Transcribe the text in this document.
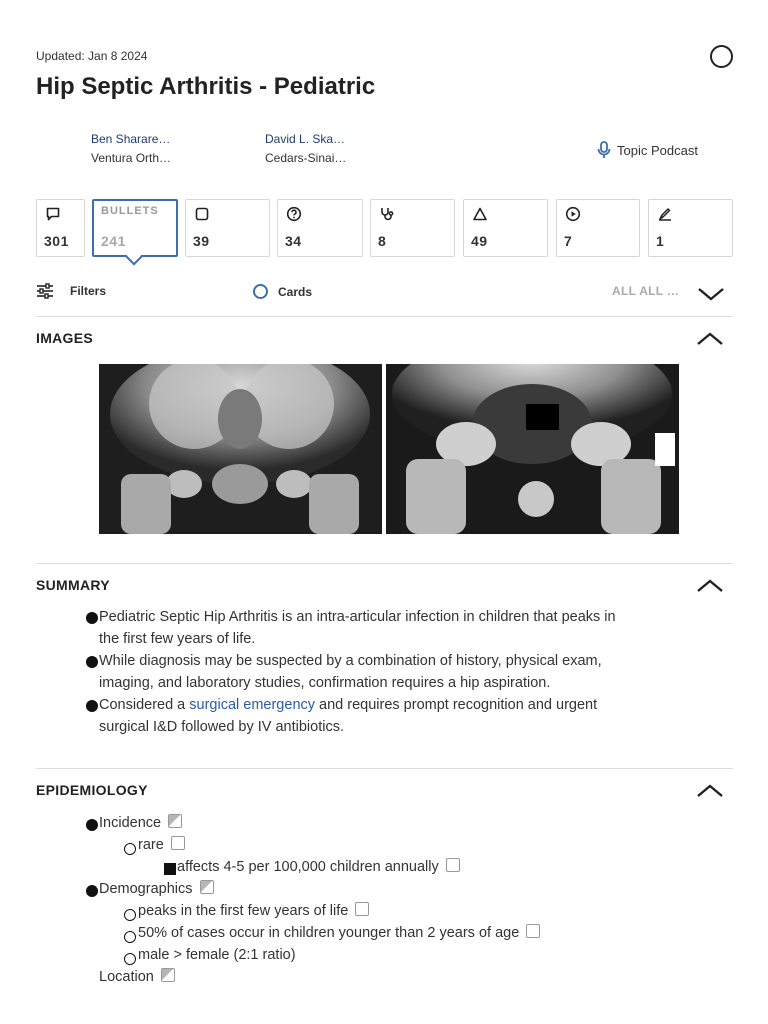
Updated: Jan 8 2024
Hip Septic Arthritis - Pediatric
Ben Sharare…
Ventura Orth…
David L. Ska…
Cedars-Sinai…
Topic Podcast
301
BULLETS
241	39	34	8	49	7	1
Filters	Cards	ALL ALL …
IMAGES
SUMMARY
Pediatric Septic Hip Arthritis is an intra-articular infection in children that peaks in the first few years of life.
While diagnosis may be suspected by a combination of history, physical exam, imaging, and laboratory studies, confirmation requires a hip aspiration.
Considered a surgical emergency and requires prompt recognition and urgent surgical I&D followed by IV antibiotics.
EPIDEMIOLOGY
Incidence
rare
affects 4-5 per 100,000 children annually
Demographics
peaks in the first few years of life
50% of cases occur in children younger than 2 years of age
male > female (2:1 ratio)
Location
